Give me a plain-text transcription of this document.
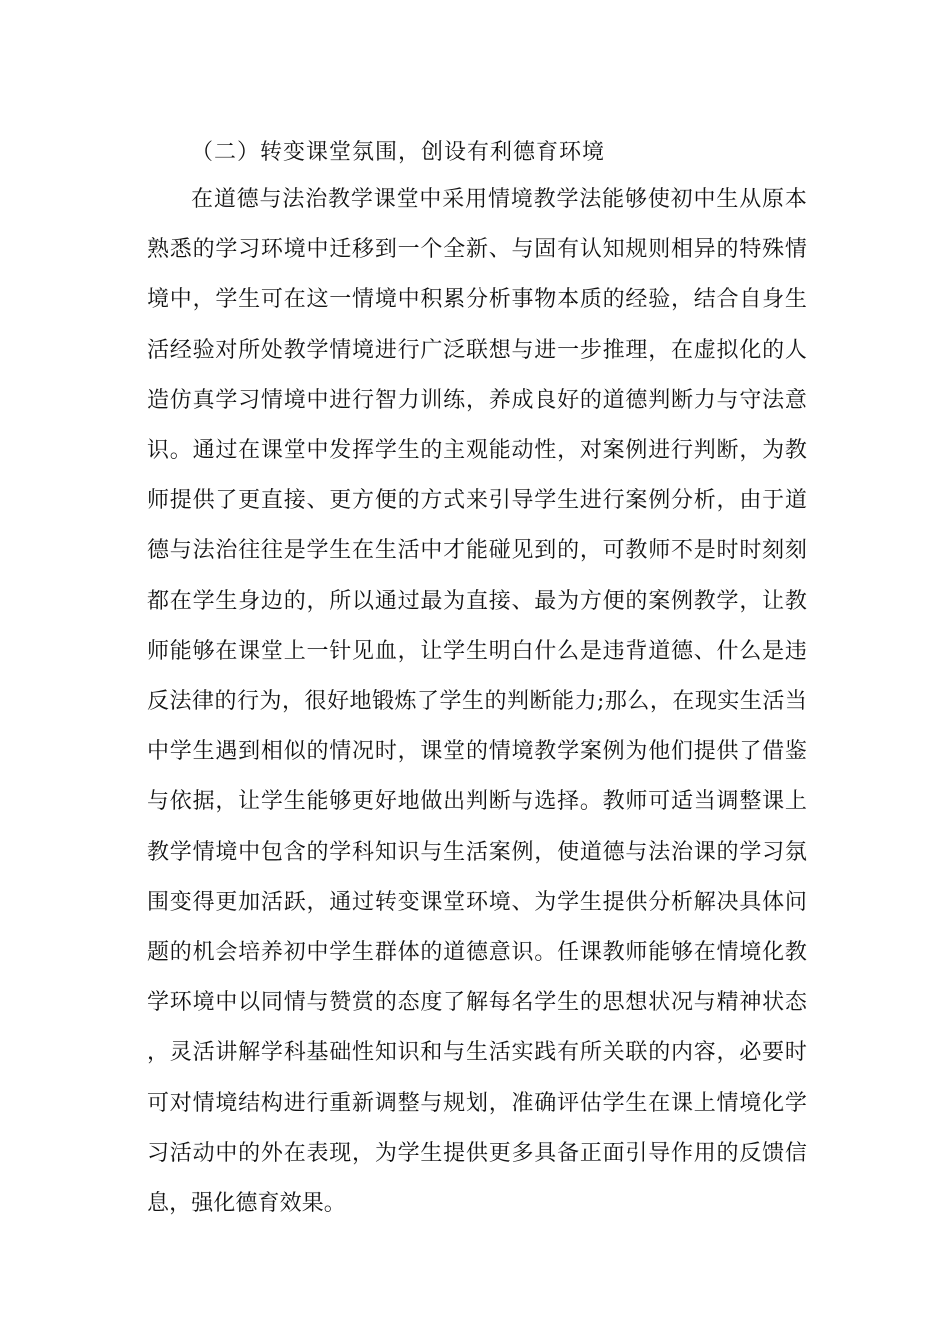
（二）转变课堂氛围，创设有利德育环境

在道德与法治教学课堂中采用情境教学法能够使初中生从原本熟悉的学习环境中迁移到一个全新、与固有认知规则相异的特殊情境中，学生可在这一情境中积累分析事物本质的经验，结合自身生活经验对所处教学情境进行广泛联想与进一步推理，在虚拟化的人造仿真学习情境中进行智力训练，养成良好的道德判断力与守法意识。通过在课堂中发挥学生的主观能动性，对案例进行判断，为教师提供了更直接、更方便的方式来引导学生进行案例分析，由于道德与法治往往是学生在生活中才能碰见到的，可教师不是时时刻刻都在学生身边的，所以通过最为直接、最为方便的案例教学，让教师能够在课堂上一针见血，让学生明白什么是违背道德、什么是违反法律的行为，很好地锻炼了学生的判断能力;那么，在现实生活当中学生遇到相似的情况时，课堂的情境教学案例为他们提供了借鉴与依据，让学生能够更好地做出判断与选择。教师可适当调整课上教学情境中包含的学科知识与生活案例，使道德与法治课的学习氛围变得更加活跃，通过转变课堂环境、为学生提供分析解决具体问题的机会培养初中学生群体的道德意识。任课教师能够在情境化教学环境中以同情与赞赏的态度了解每名学生的思想状况与精神状态，灵活讲解学科基础性知识和与生活实践有所关联的内容，必要时可对情境结构进行重新调整与规划，准确评估学生在课上情境化学习活动中的外在表现，为学生提供更多具备正面引导作用的反馈信息，强化德育效果。
